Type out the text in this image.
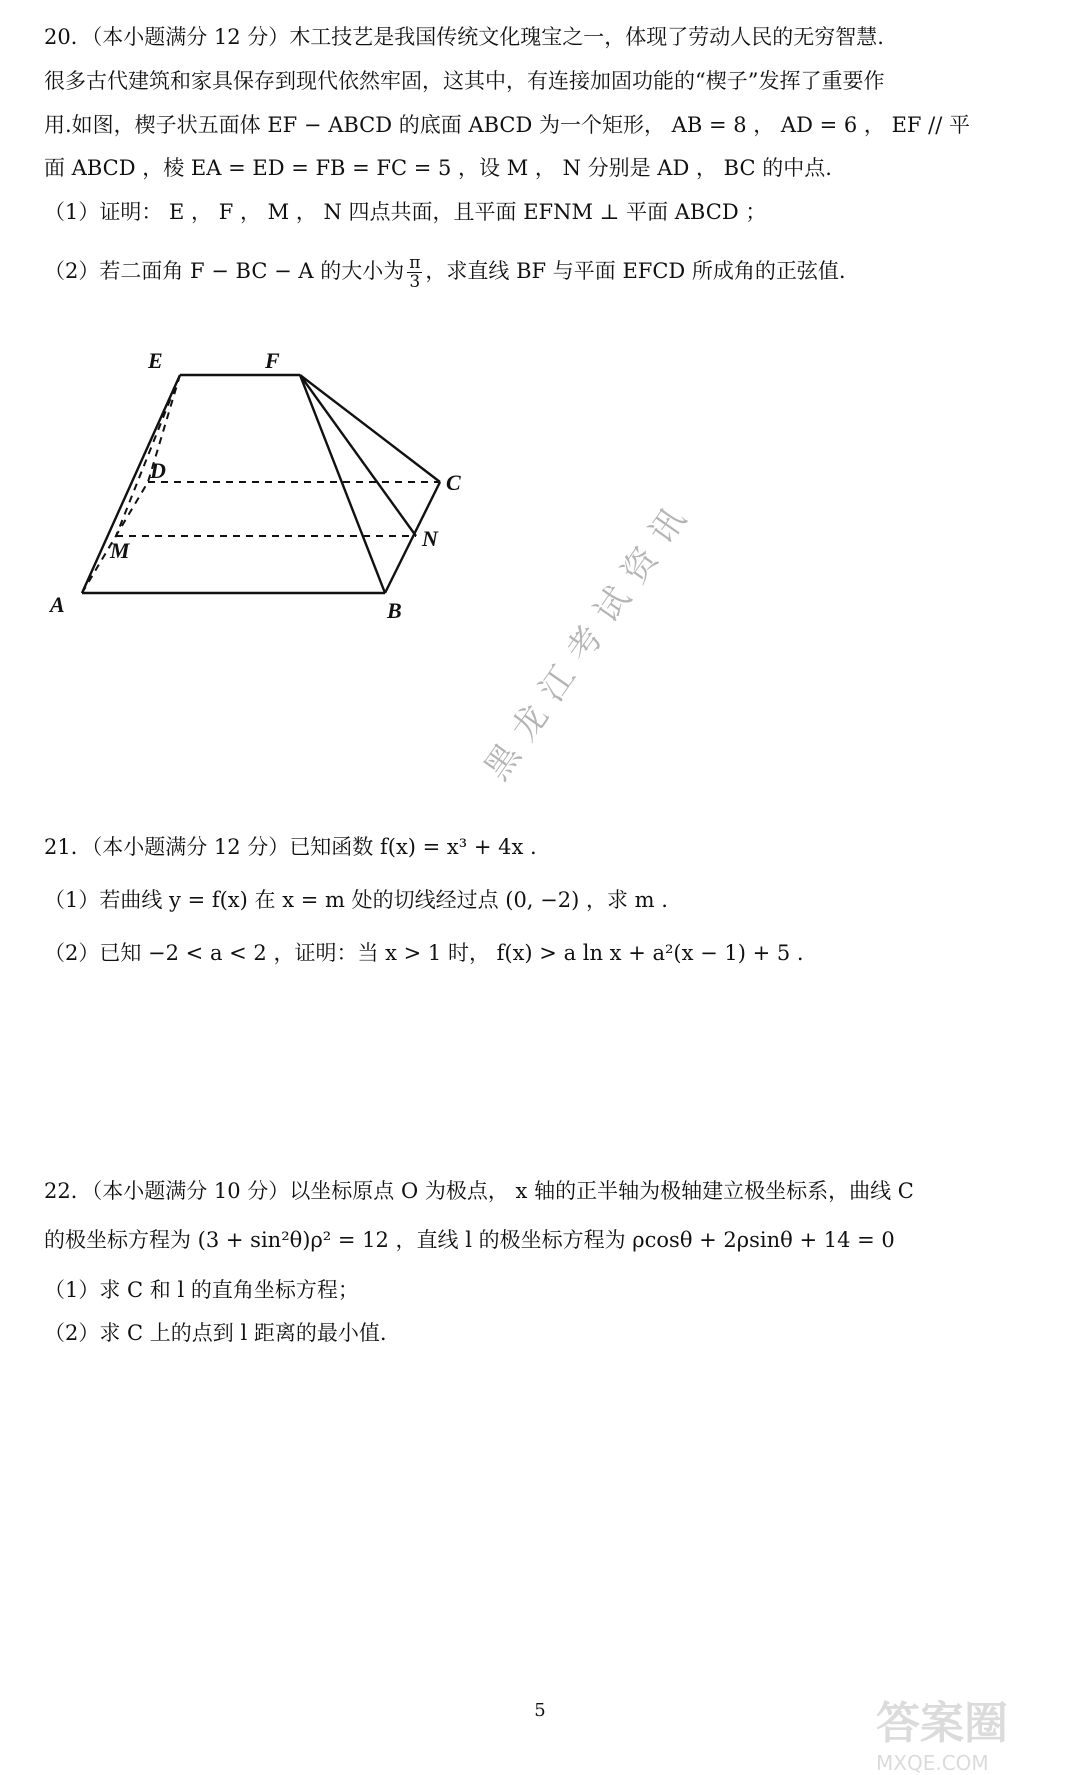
20．（本小题满分 12 分）木工技艺是我国传统文化瑰宝之一，体现了劳动人民的无穷智慧.
很多古代建筑和家具保存到现代依然牢固，这其中，有连接加固功能的“楔子”发挥了重要作
用.如图，楔子状五面体 EF − ABCD 的底面 ABCD 为一个矩形， AB = 8 ， AD = 6 ， EF // 平
面 ABCD ，棱 EA = ED = FB = FC = 5 ，设 M ， N 分别是 AD ， BC 的中点.
（1）证明： E ， F ， M ， N 四点共面，且平面 EFNM ⊥ 平面 ABCD ；
（2）若二面角 F − BC − A 的大小为 $\frac{\pi}{3}$ ，求直线 BF 与平面 EFCD 所成角的正弦值.
E	F
D	C
M	N
A	B 黑龙江考试资讯
21．（本小题满分 12 分）已知函数 f(x) = x³ + 4x .
（1）若曲线 y = f(x) 在 x = m 处的切线经过点 (0, −2) ，求 m .
（2）已知 −2 < a < 2 ，证明：当 x > 1 时， f(x) > a ln x + a²(x − 1) + 5 .
22．（本小题满分 10 分）以坐标原点 O 为极点， x 轴的正半轴为极轴建立极坐标系，曲线 C
的极坐标方程为 (3 + sin²θ)ρ² = 12 ，直线 l 的极坐标方程为 ρcosθ + 2ρsinθ + 14 = 0
（1）求 C 和 l 的直角坐标方程；
（2）求 C 上的点到 l 距离的最小值.
5	答案圈
MXQE.COM
